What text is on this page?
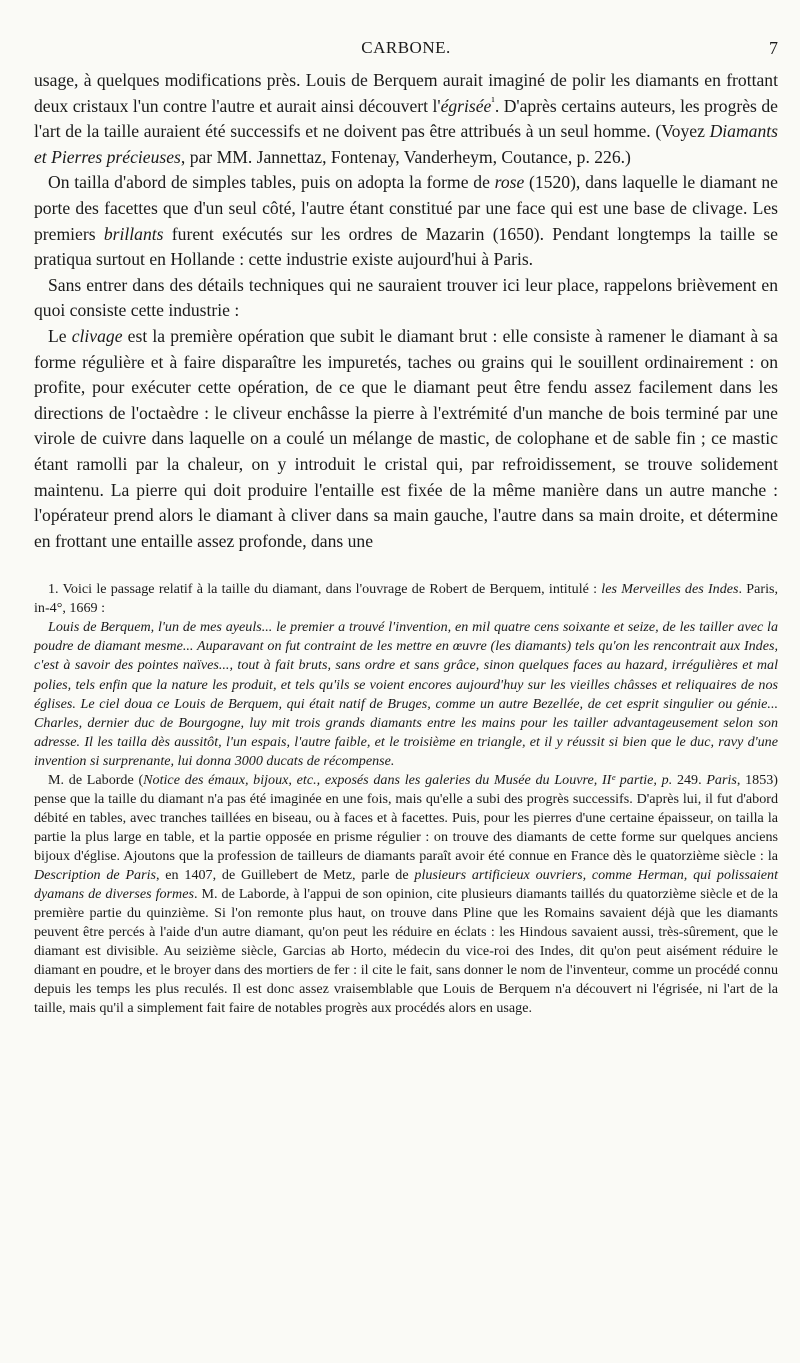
CARBONE.	7

usage, à quelques modifications près. Louis de Berquem aurait imaginé de polir les diamants en frottant deux cristaux l'un contre l'autre et aurait ainsi découvert l'égrisée$^{^1}$. D'après certains auteurs, les progrès de l'art de la taille auraient été successifs et ne doivent pas être attribués à un seul homme. (Voyez Diamants et Pierres précieuses, par MM. Jannettaz, Fontenay, Vanderheym, Coutance, p. 226.)

On tailla d'abord de simples tables, puis on adopta la forme de rose (1520), dans laquelle le diamant ne porte des facettes que d'un seul côté, l'autre étant constitué par une face qui est une base de clivage. Les premiers brillants furent exécutés sur les ordres de Mazarin (1650). Pendant longtemps la taille se pratiqua surtout en Hollande : cette industrie existe aujourd'hui à Paris.

Sans entrer dans des détails techniques qui ne sauraient trouver ici leur place, rappelons brièvement en quoi consiste cette industrie :

Le clivage est la première opération que subit le diamant brut : elle consiste à ramener le diamant à sa forme régulière et à faire disparaître les impuretés, taches ou grains qui le souillent ordinairement : on profite, pour exécuter cette opération, de ce que le diamant peut être fendu assez facilement dans les directions de l'octaèdre : le cliveur enchâsse la pierre à l'extrémité d'un manche de bois terminé par une virole de cuivre dans laquelle on a coulé un mélange de mastic, de colophane et de sable fin ; ce mastic étant ramolli par la chaleur, on y introduit le cristal qui, par refroidissement, se trouve solidement maintenu. La pierre qui doit produire l'entaille est fixée de la même manière dans un autre manche : l'opérateur prend alors le diamant à cliver dans sa main gauche, l'autre dans sa main droite, et détermine en frottant une entaille assez profonde, dans une

1. Voici le passage relatif à la taille du diamant, dans l'ouvrage de Robert de Berquem, intitulé : les Merveilles des Indes. Paris, in-4°, 1669 :

Louis de Berquem, l'un de mes ayeuls... le premier a trouvé l'invention, en mil quatre cens soixante et seize, de les tailler avec la poudre de diamant mesme... Auparavant on fut contraint de les mettre en œuvre (les diamants) tels qu'on les rencontrait aux Indes, c'est à savoir des pointes naïves..., tout à fait bruts, sans ordre et sans grâce, sinon quelques faces au hazard, irrégulières et mal polies, tels enfin que la nature les produit, et tels qu'ils se voient encores aujourd'huy sur les vieilles châsses et reliquaires de nos églises. Le ciel doua ce Louis de Berquem, qui était natif de Bruges, comme un autre Bezellée, de cet esprit singulier ou génie... Charles, dernier duc de Bourgogne, luy mit trois grands diamants entre les mains pour les tailler advantageusement selon son adresse. Il les tailla dès aussitôt, l'un espais, l'autre faible, et le troisième en triangle, et il y réussit si bien que le duc, ravy d'une invention si surprenante, lui donna 3000 ducats de récompense.

M. de Laborde (Notice des émaux, bijoux, etc., exposés dans les galeries du Musée du Louvre, IIᵉ partie, p. 249. Paris, 1853) pense que la taille du diamant n'a pas été imaginée en une fois, mais qu'elle a subi des progrès successifs. D'après lui, il fut d'abord débité en tables, avec tranches taillées en biseau, ou à faces et à facettes. Puis, pour les pierres d'une certaine épaisseur, on tailla la partie la plus large en table, et la partie opposée en prisme régulier : on trouve des diamants de cette forme sur quelques anciens bijoux d'église. Ajoutons que la profession de tailleurs de diamants paraît avoir été connue en France dès le quatorzième siècle : la Description de Paris, en 1407, de Guillebert de Metz, parle de plusieurs artificieux ouvriers, comme Herman, qui polissaient dyamans de diverses formes. M. de Laborde, à l'appui de son opinion, cite plusieurs diamants taillés du quatorzième siècle et de la première partie du quinzième. Si l'on remonte plus haut, on trouve dans Pline que les Romains savaient déjà que les diamants peuvent être percés à l'aide d'un autre diamant, qu'on peut les réduire en éclats : les Hindous savaient aussi, très-sûrement, que le diamant est divisible. Au seizième siècle, Garcias ab Horto, médecin du vice-roi des Indes, dit qu'on peut aisément réduire le diamant en poudre, et le broyer dans des mortiers de fer : il cite le fait, sans donner le nom de l'inventeur, comme un procédé connu depuis les temps les plus reculés. Il est donc assez vraisemblable que Louis de Berquem n'a découvert ni l'égrisée, ni l'art de la taille, mais qu'il a simplement fait faire de notables progrès aux procédés alors en usage.
